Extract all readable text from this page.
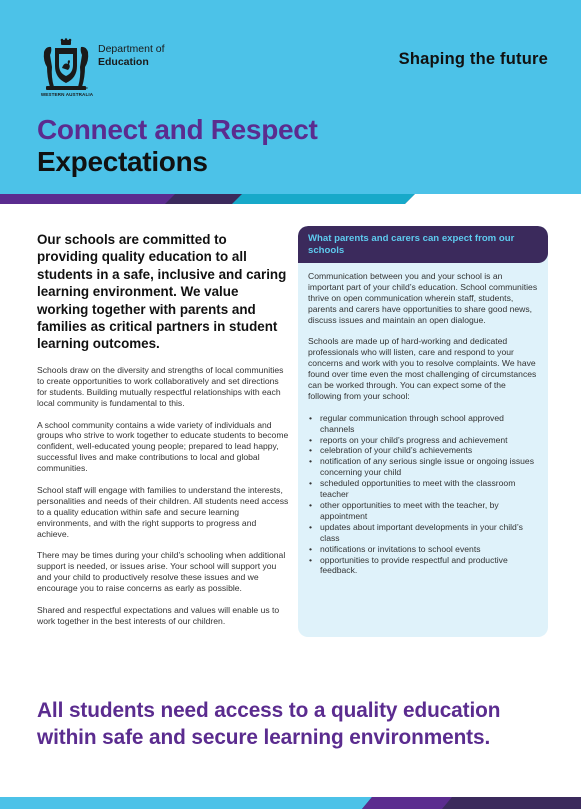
Department of
Education
GOVERNMENT OF
WESTERN AUSTRALIA
Shaping the future
Connect and Respect
Expectations
Our schools are committed to providing quality education to all students in a safe, inclusive and caring learning environment. We value working together with parents and families as critical partners in student learning outcomes.

Schools draw on the diversity and strengths of local communities to create opportunities to work collaboratively and set directions for students. Building mutually respectful relationships with each local community is fundamental to this.

A school community contains a wide variety of individuals and groups who strive to work together to educate students to become confident, well-educated young people; prepared to lead happy, successful lives and make contributions to local and global communities.

School staff will engage with families to understand the interests, personalities and needs of their children. All students need access to a quality education within safe and secure learning environments, and with the right supports to progress and achieve.

There may be times during your child’s schooling when additional support is needed, or issues arise. Your school will support you and your child to productively resolve these issues and we encourage you to raise concerns as early as possible.

Shared and respectful expectations and values will enable us to work together in the best interests of our children.

What parents and carers can expect from our schools

Communication between you and your school is an important part of your child’s education. School communities thrive on open communication wherein staff, students, parents and carers have opportunities to share good news, discuss issues and maintain an open dialogue.

Schools are made up of hard-working and dedicated professionals who will listen, care and respond to your concerns and work with you to resolve complaints. We have found over time even the most challenging of circumstances can be worked through. You can expect some of the following from your school:

• regular communication through school approved channels
• reports on your child’s progress and achievement
• celebration of your child’s achievements
• notification of any serious single issue or ongoing issues concerning your child
• scheduled opportunities to meet with the classroom teacher
• other opportunities to meet with the teacher, by appointment
• updates about important developments in your child’s class
• notifications or invitations to school events
• opportunities to provide respectful and productive feedback.
All students need access to a quality education within safe and secure learning environments.
